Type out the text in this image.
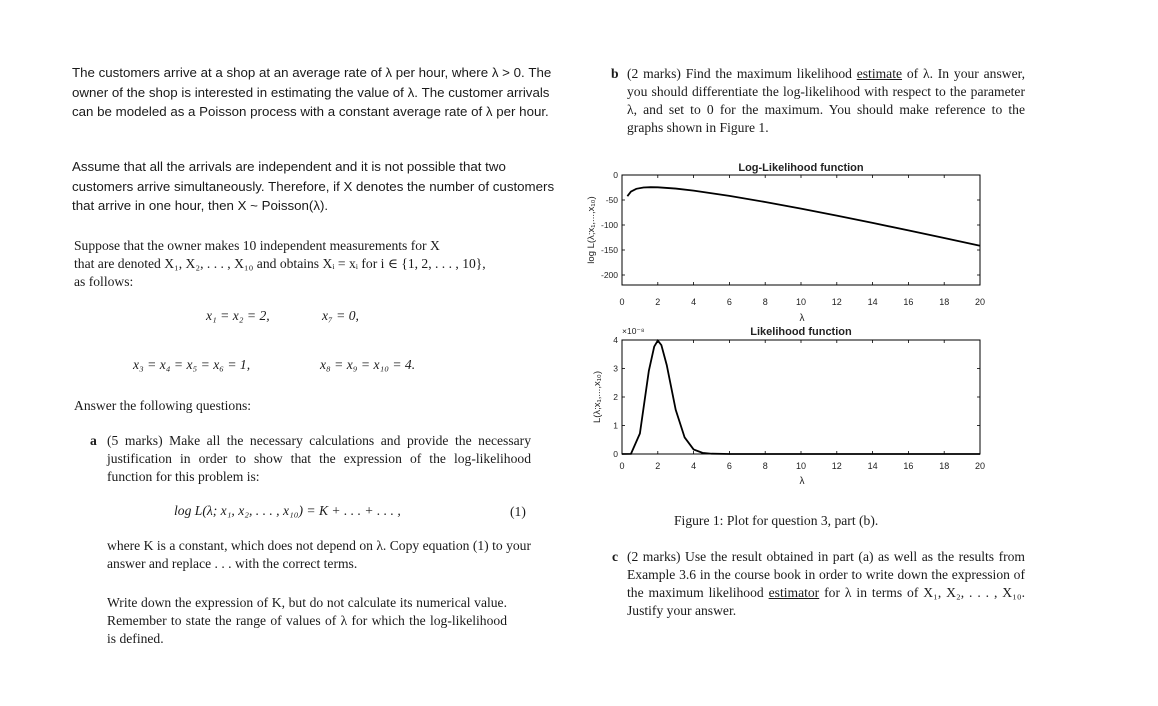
The customers arrive at a shop at an average rate of λ per hour, where λ > 0. The owner of the shop is interested in estimating the value of λ. The customer arrivals can be modeled as a Poisson process with a constant average rate of λ per hour.
Assume that all the arrivals are independent and it is not possible that two customers arrive simultaneously. Therefore, if X denotes the number of customers that arrive in one hour, then X ~ Poisson(λ).
Suppose that the owner makes 10 independent measurements for X
that are denoted X₁, X₂, . . . , X₁₀ and obtains Xᵢ = xᵢ for i ∈ {1, 2, . . . , 10},
as follows:
x₁ = x₂ = 2,	x₇ = 0,
x₃ = x₄ = x₅ = x₆ = 1,	x₈ = x₉ = x₁₀ = 4.
Answer the following questions:
a (5 marks) Make all the necessary calculations and provide the necessary justification in order to show that the expression of the log-likelihood function for this problem is:
log L(λ; x₁, x₂, . . . , x₁₀) = K + . . . + . . . ,	(1)
where K is a constant, which does not depend on λ. Copy equation (1) to your answer and replace . . . with the correct terms.
Write down the expression of K, but do not calculate its numerical value. Remember to state the range of values of λ for which the log-likelihood is defined.
b (2 marks) Find the maximum likelihood estimate of λ. In your answer, you should differentiate the log-likelihood with respect to the parameter λ, and set to 0 for the maximum. You should make reference to the graphs shown in Figure 1.
Log-Likelihood function
0	2	4	6	8	10	12	14	16	18	20
0
-50
-100
-150
-200
λ
log L(λ;x₁,...,x₁₀)
Likelihood function
×10⁻⁸
0	2	4	6	8	10	12	14	16	18	20
0
1
2
3
4
λ
L(λ;x₁,...,x₁₀)
Figure 1: Plot for question 3, part (b).
c (2 marks) Use the result obtained in part (a) as well as the results from Example 3.6 in the course book in order to write down the expression of the maximum likelihood estimator for λ in terms of X₁, X₂, . . . , X₁₀. Justify your answer.
